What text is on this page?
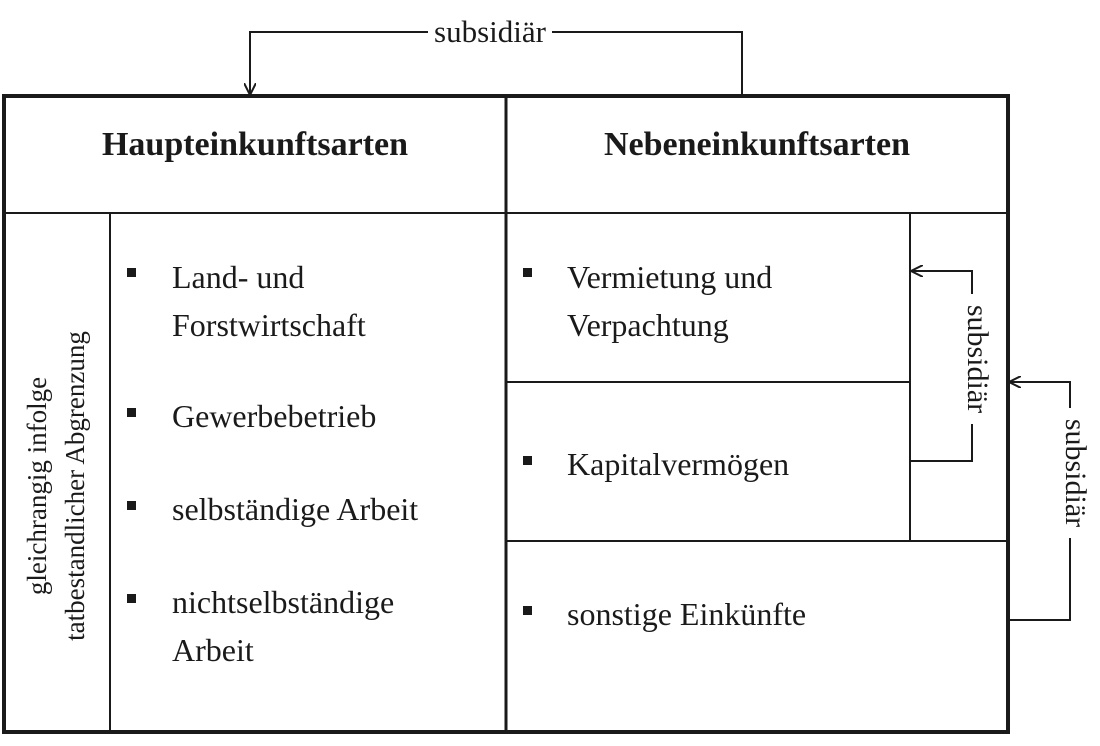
Haupteinkunftsarten	Nebeneinkunftsarten
subsidiär
gleichrangig infolge tatbestandlicher Abgrenzung
Land- und
Forstwirtschaft
Gewerbebetrieb
selbständige Arbeit
nichtselbständige
Arbeit
Vermietung und
Verpachtung
Kapitalvermögen
sonstige Einkünfte
subsidiär
subsidiär
